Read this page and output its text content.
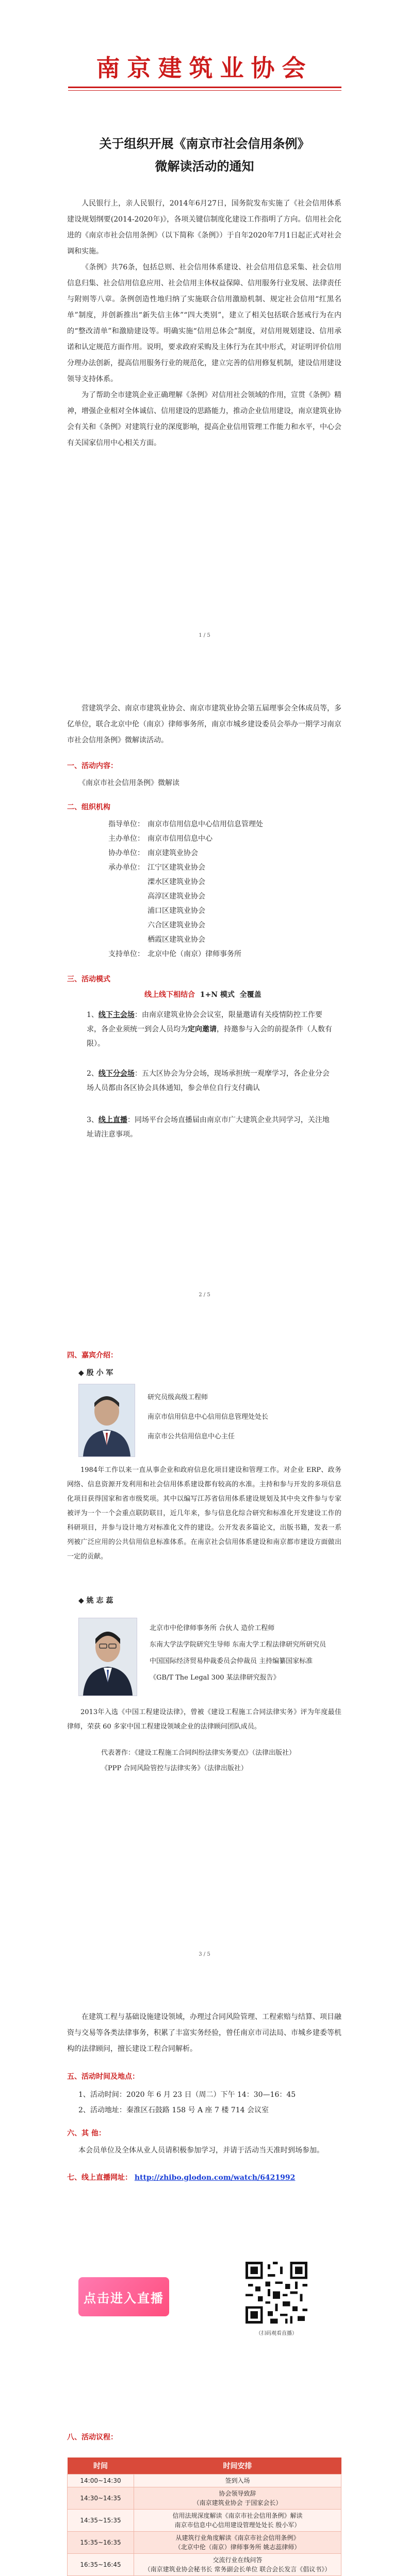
南京建筑业协会
关于组织开展《南京市社会信用条例》
微解读活动的通知

人民银行上，亲人民银行，2014年6月27日，国务院发布实施了《社会信用体系建设规划纲要(2014-2020年)》，各项关键信制度化建设工作指明了方向。信用社会化进的《南京市社会信用条例》（以下简称《条例》）于自年2020年7月1日起正式对社会调和实施。

《条例》共76条，包括总则、社会信用体系建设、社会信用信息采集、社会信用信息归集、社会信用信息应用、社会信用主体权益保障、信用服务行业发展、法律责任与附则等八章。条例创造性地归纳了实施联合信用激励机制、规定社会信用“红黑名单”制度，并创新推出“新失信主体”“四大类别”，建立了相关包括联合惩戒行为在内的“整改清单”和激励建设等。明确实施“信用总体会”制度，对信用规划建设、信用承诺和认定规范方面作用。说明，要求政府采购及主体行为在其中形式，对证明评价信用分理办法创新，提高信用服务行业的规范化，建立完善的信用修复机制，建设信用建设领导支持体系。

为了帮助全市建筑企业正确理解《条例》对信用社会领域的作用，宣贯《条例》精神，增强企业相对全体诚信、信用建设的思路能力，推动企业信用建设，南京建筑业协会有关和《条例》对建筑行业的深度影响，提高企业信用管理工作能力和水平，中心会有关国家信用中心相关方面。

1 / 5

营建筑学会、南京市建筑业协会、南京市建筑业协会第五届理事会全体成员等，多亿单位，联合北京中伦（南京）律师事务所，南京市城乡建设委员会举办一期学习南京市社会信用条例》微解读活动。

一、活动内容：
《南京市社会信用条例》微解读
二、组织机构
指导单位： 南京市信用信息中心信用信息管理处
主办单位： 南京市信用信息中心
协办单位： 南京建筑业协会
承办单位： 江宁区建筑业协会
溧水区建筑业协会
高淳区建筑业协会
浦口区建筑业协会
六合区建筑业协会
栖霞区建筑业协会
支持单位： 北京中伦（南京）律师事务所
三、活动模式
线上线下相结合 1+N 模式 全覆盖
1、线下主会场：由南京建筑业协会会议室，限量邀请有关疫情防控工作要求，各企业须统一到会人员均为定向邀请，持邀参与入会的前提条件（人数有限）。
2、线下分会场：五大区协会为分会场，现场承担统一观摩学习，各企业分会场人员都由各区协会具体通知，参会单位自行支付确认
3、线上直播：同场平台会场直播届由南京市广大建筑企业共同学习，关注地址请注意事项。
2 / 5
四、嘉宾介绍：
◆ 殷 小 军
研究员级高级工程师
南京市信用信息中心信用信息管理处处长
南京市公共信用信息中心主任

1984年工作以来一直从事企业和政府信息化项目建设和管理工作。对企业 ERP、政务网络、信息资源开发利用和社会信用体系建设都有较高的水准。主持和参与开发的多项信息化项目获得国家和省市级奖项。其中以编写江苏省信用体系建设规划及其中央文件参与专家被评为一个一个会重点联防联目，近几年来，参与信息化综合研究和标准化开发建设工作的科研项目，并参与设计地方对标准化文件的建设。公开发表多篇论文，出版书籍，发表一系列被广泛应用的公共信用信息标准体系。在南京社会信用体系建设和南京都市建设方面做出一定的贡献。

北京市中伦律师事务所 合伙人 造价工程师
东南大学法学院研究生导师 东南大学工程法律研究所研究员
中国国际经济贸易仲裁委员会仲裁员 主持编纂国家标准
《GB/T The Legal 300 某法律研究报告》
◆ 姚 志 蕊

2013年入选《中国工程建设法律》，曾被《建设工程施工合同法律实务》评为年度最佳律师，荣获 60 多家中国工程建设领域企业的法律顾问团队成员。

代表著作：《建设工程施工合同纠纷法律实务要点》（法律出版社）
《PPP 合同风险管控与法律实务》（法律出版社）
3 / 5

在建筑工程与基础设施建设领域，办理过合同风险管理、工程索赔与结算、项目融资与交易等各类法律事务，积累了丰富实务经验，曾任南京市司法局、市城乡建委等机构的法律顾问，擅长建设工程合同解析。

五、活动时间及地点：
1、活动时间：2020 年 6 月 23 日（周二）下午 14：30—16：45
2、活动地址：秦淮区石鼓路 158 号 A 座 7 楼 714 会议室
六、其 他：
本会员单位及全体从业人员请积极参加学习，并请于活动当天准时到场参加。
七、线上直播网址： http://zhibo.glodon.com/watch/6421992
点击进入直播
（扫码观看直播）
八、活动议程：
时间	时间安排
14:00~14:30	签到入场
14:30~14:35	协会领导致辞
（南京建筑业协会 于国家会长）
14:35~15:35	信用法规深度解读《南京市社会信用条例》解读
南京市信息中心信用建设管理处处长 殷小军）
15:35~16:35	从建筑行业角度解读《南京市社会信用条例》
（北京中伦（南京）律师事务所 姚志蕊律师）
16:35~16:45	交流行业在线问答
（南京建筑业协会秘书长 常务副会长单位 联合会长发言《倡议书》）
